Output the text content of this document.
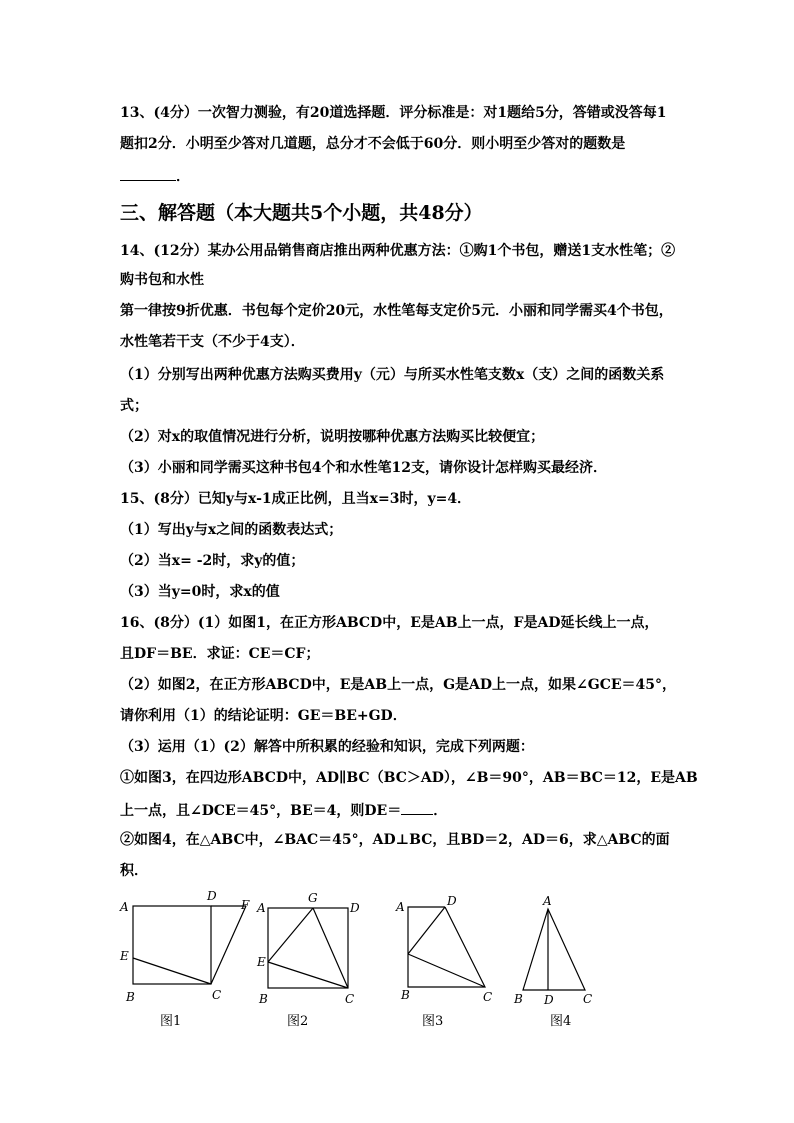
13、(4分）一次智力测验，有20道选择题．评分标准是：对1题给5分，答错或没答每1
题扣2分．小明至少答对几道题，总分才不会低于60分．则小明至少答对的题数是
．
三、解答题（本大题共5个小题，共48分）
14、(12分）某办公用品销售商店推出两种优惠方法：①购1个书包，赠送1支水性笔；②
购书包和水性
第一律按9折优惠．书包每个定价20元，水性笔每支定价5元．小丽和同学需买4个书包，
水性笔若干支（不少于4支）．
（1）分别写出两种优惠方法购买费用y（元）与所买水性笔支数x（支）之间的函数关系
式；
（2）对x的取值情况进行分析，说明按哪种优惠方法购买比较便宜；
（3）小丽和同学需买这种书包4个和水性笔12支，请你设计怎样购买最经济．
15、(8分）已知y与x-1成正比例，且当x=3时，y=4．
（1）写出y与x之间的函数表达式；
（2）当x= -2时，求y的值；
（3）当y=0时，求x的值
16、(8分）(1）如图1，在正方形ABCD中，E是AB上一点，F是AD延长线上一点，
且DF＝BE．求证：CE＝CF；
（2）如图2，在正方形ABCD中，E是AB上一点，G是AD上一点，如果∠GCE＝45°，
请你利用（1）的结论证明：GE＝BE+GD．
（3）运用（1）(2）解答中所积累的经验和知识，完成下列两题：
①如图3，在四边形ABCD中，AD∥BC（BC＞AD），∠B＝90°，AB＝BC＝12，E是AB
上一点，且∠DCE＝45°，BE＝4，则DE＝ ．
②如图4，在△ABC中，∠BAC＝45°，AD⊥BC，且BD＝2，AD＝6，求△ABC的面
积．
A
D
F
E
B	C
图1
A
G
D
E
B	C
图2
A	D
B	C
图3
A
B D C
图4
